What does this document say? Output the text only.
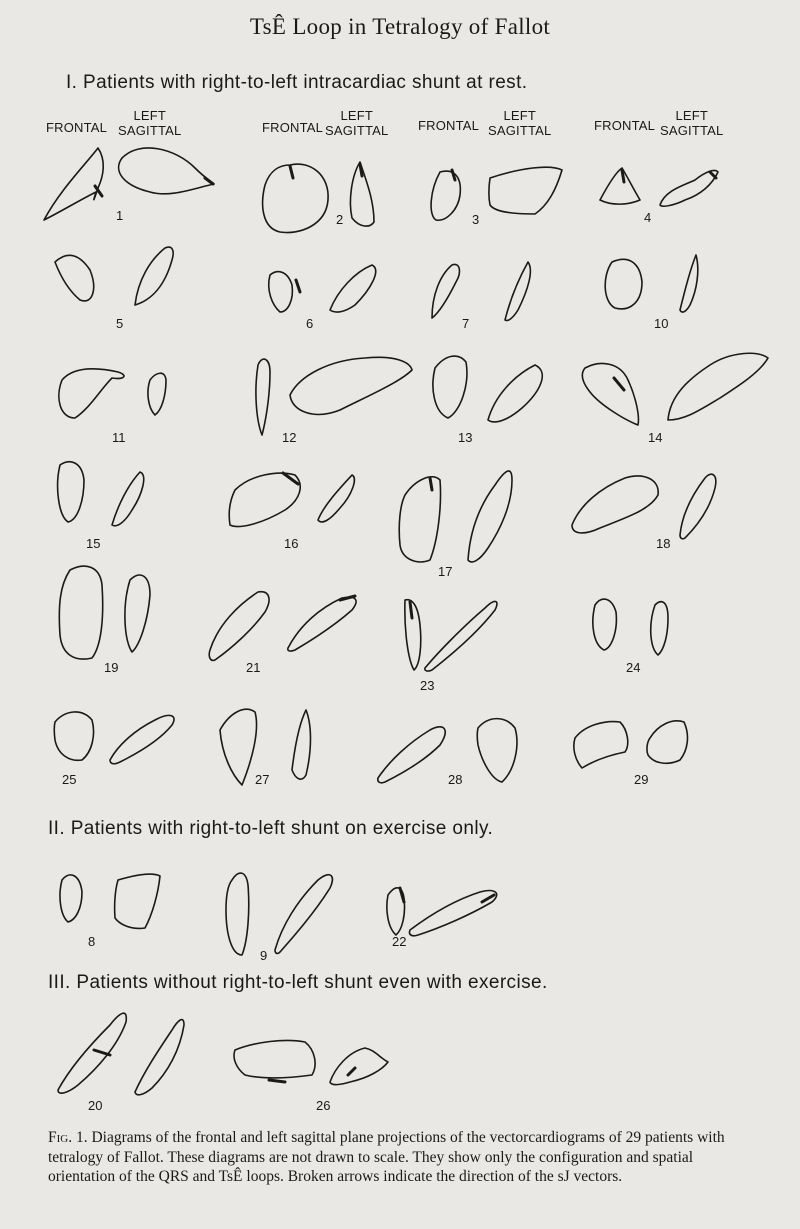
TsÊ Loop in Tetralogy of Fallot
I. Patients with right-to-left intracardiac shunt at rest.
II. Patients with right-to-left shunt on exercise only.
III. Patients without right-to-left shunt even with exercise.
FRONTAL
LEFT
SAGITTAL	FRONTAL
LEFT
SAGITTAL FRONTAL
LEFT
SAGITTAL	FRONTAL
LEFT
SAGITTAL
1	2	3	4
5	6	7	10
11	12	13	14
15	16
17
18
19	21
23
24
25	27	28	29
8
9
22
20	26
Fig. 1. Diagrams of the frontal and left sagittal plane projections of the vectorcardiograms of 29 patients with tetralogy of Fallot. These diagrams are not drawn to scale. They show only the configuration and spatial orientation of the QRS and TsÊ loops. Broken arrows indicate the direction of the sJ vectors.
